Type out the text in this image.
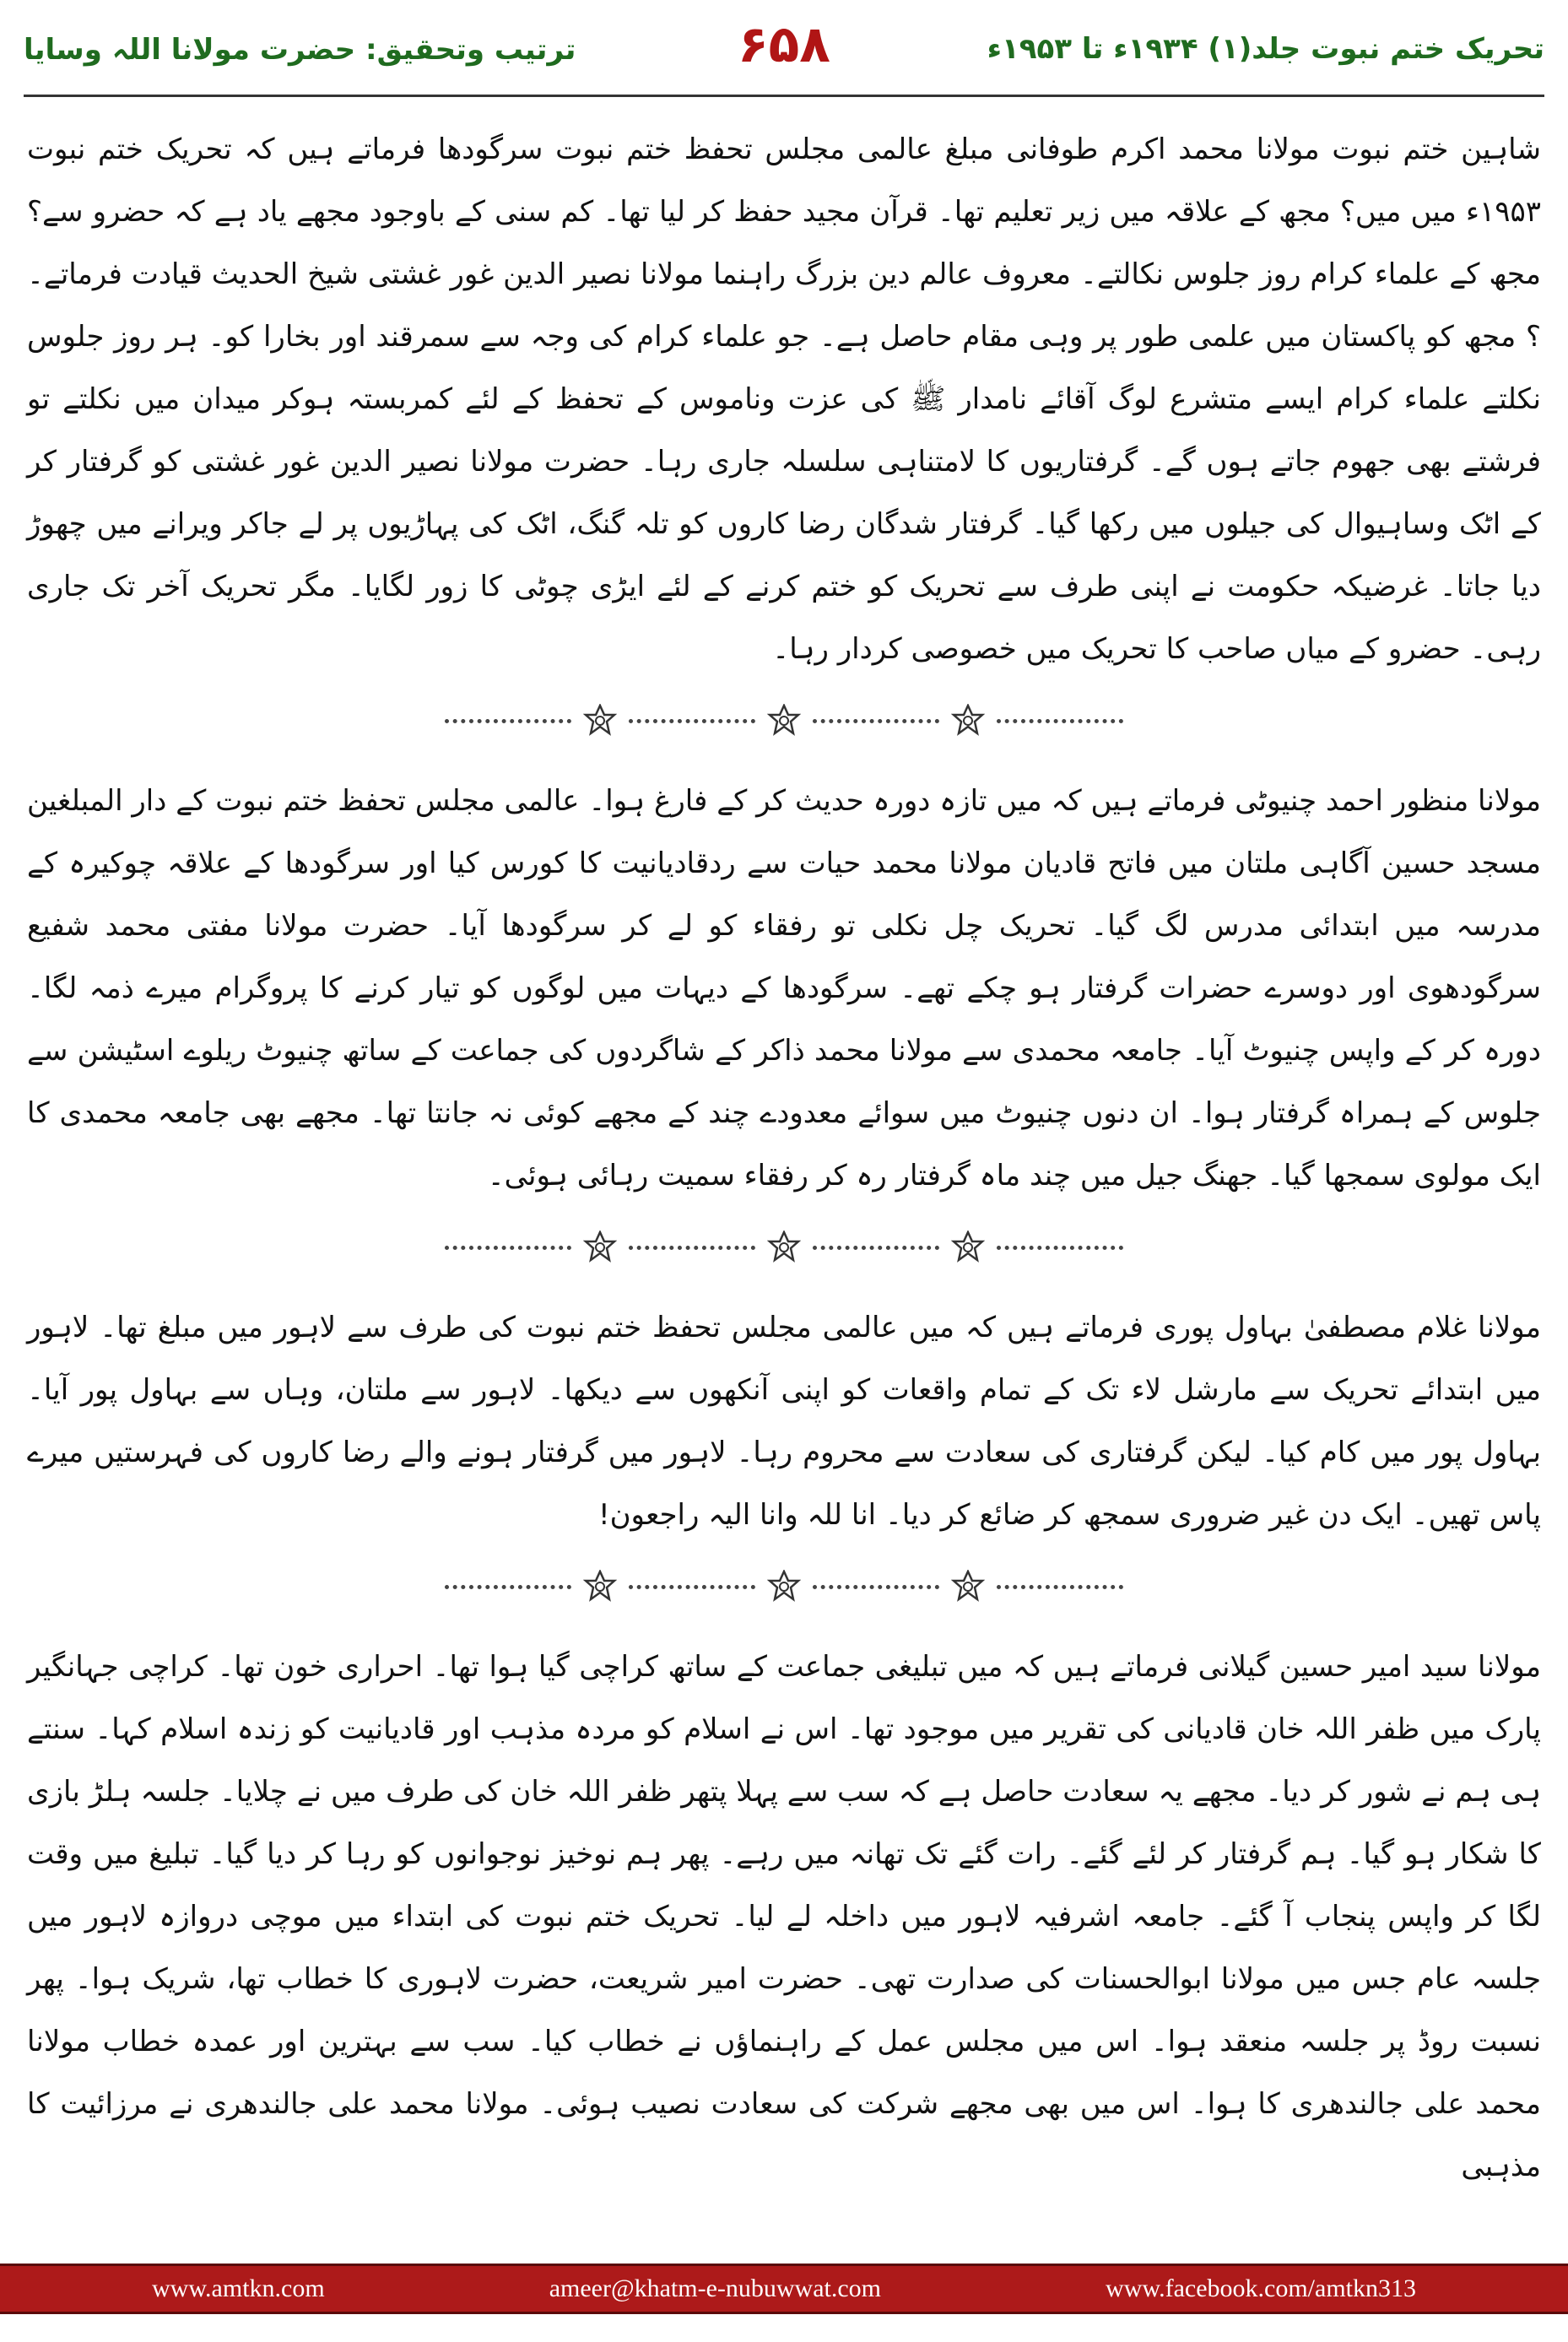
تحریک ختم نبوت جلد(۱) ۱۹۳۴ء تا ۱۹۵۳ء
۶۵۸
ترتیب وتحقیق: حضرت مولانا اللہ وسایا

شاہین ختم نبوت مولانا محمد اکرم طوفانی مبلغ عالمی مجلس تحفظ ختم نبوت سرگودھا فرماتے ہیں کہ تحریک ختم نبوت ۱۹۵۳ء میں میں؟ مجھ کے علاقہ میں زیر تعلیم تھا۔ قرآن مجید حفظ کر لیا تھا۔ کم سنی کے باوجود مجھے یاد ہے کہ حضرو سے؟ مجھ کے علماء کرام روز جلوس نکالتے۔ معروف عالم دین بزرگ راہنما مولانا نصیر الدین غور غشتی شیخ الحدیث قیادت فرماتے۔ ؟ مجھ کو پاکستان میں علمی طور پر وہی مقام حاصل ہے۔ جو علماء کرام کی وجہ سے سمرقند اور بخارا کو۔ ہر روز جلوس نکلتے علماء کرام ایسے متشرع لوگ آقائے نامدار ﷺ کی عزت وناموس کے تحفظ کے لئے کمربستہ ہوکر میدان میں نکلتے تو فرشتے بھی جھوم جاتے ہوں گے۔ گرفتاریوں کا لامتناہی سلسلہ جاری رہا۔ حضرت مولانا نصیر الدین غور غشتی کو گرفتار کر کے اٹک وساہیوال کی جیلوں میں رکھا گیا۔ گرفتار شدگان رضا کاروں کو تلہ گنگ، اٹک کی پہاڑیوں پر لے جاکر ویرانے میں چھوڑ دیا جاتا۔ غرضیکہ حکومت نے اپنی طرف سے تحریک کو ختم کرنے کے لئے ایڑی چوٹی کا زور لگایا۔ مگر تحریک آخر تک جاری رہی۔ حضرو کے میاں صاحب کا تحریک میں خصوصی کردار رہا۔

مولانا منظور احمد چنیوٹی فرماتے ہیں کہ میں تازہ دورہ حدیث کر کے فارغ ہوا۔ عالمی مجلس تحفظ ختم نبوت کے دار المبلغین مسجد حسین آگاہی ملتان میں فاتح قادیان مولانا محمد حیات سے ردقادیانیت کا کورس کیا اور سرگودھا کے علاقہ چوکیرہ کے مدرسہ میں ابتدائی مدرس لگ گیا۔ تحریک چل نکلی تو رفقاء کو لے کر سرگودھا آیا۔ حضرت مولانا مفتی محمد شفیع سرگودھوی اور دوسرے حضرات گرفتار ہو چکے تھے۔ سرگودھا کے دیہات میں لوگوں کو تیار کرنے کا پروگرام میرے ذمہ لگا۔ دورہ کر کے واپس چنیوٹ آیا۔ جامعہ محمدی سے مولانا محمد ذاکر کے شاگردوں کی جماعت کے ساتھ چنیوٹ ریلوے اسٹیشن سے جلوس کے ہمراہ گرفتار ہوا۔ ان دنوں چنیوٹ میں سوائے معدودے چند کے مجھے کوئی نہ جانتا تھا۔ مجھے بھی جامعہ محمدی کا ایک مولوی سمجھا گیا۔ جھنگ جیل میں چند ماہ گرفتار رہ کر رفقاء سمیت رہائی ہوئی۔

مولانا غلام مصطفیٰ بہاول پوری فرماتے ہیں کہ میں عالمی مجلس تحفظ ختم نبوت کی طرف سے لاہور میں مبلغ تھا۔ لاہور میں ابتدائے تحریک سے مارشل لاء تک کے تمام واقعات کو اپنی آنکھوں سے دیکھا۔ لاہور سے ملتان، وہاں سے بہاول پور آیا۔ بہاول پور میں کام کیا۔ لیکن گرفتاری کی سعادت سے محروم رہا۔ لاہور میں گرفتار ہونے والے رضا کاروں کی فہرستیں میرے پاس تھیں۔ ایک دن غیر ضروری سمجھ کر ضائع کر دیا۔ انا للہ وانا الیہ راجعون!

مولانا سید امیر حسین گیلانی فرماتے ہیں کہ میں تبلیغی جماعت کے ساتھ کراچی گیا ہوا تھا۔ احراری خون تھا۔ کراچی جہانگیر پارک میں ظفر اللہ خان قادیانی کی تقریر میں موجود تھا۔ اس نے اسلام کو مردہ مذہب اور قادیانیت کو زندہ اسلام کہا۔ سنتے ہی ہم نے شور کر دیا۔ مجھے یہ سعادت حاصل ہے کہ سب سے پہلا پتھر ظفر اللہ خان کی طرف میں نے چلایا۔ جلسہ ہلڑ بازی کا شکار ہو گیا۔ ہم گرفتار کر لئے گئے۔ رات گئے تک تھانہ میں رہے۔ پھر ہم نوخیز نوجوانوں کو رہا کر دیا گیا۔ تبلیغ میں وقت لگا کر واپس پنجاب آ گئے۔ جامعہ اشرفیہ لاہور میں داخلہ لے لیا۔ تحریک ختم نبوت کی ابتداء میں موچی دروازہ لاہور میں جلسہ عام جس میں مولانا ابوالحسنات کی صدارت تھی۔ حضرت امیر شریعت، حضرت لاہوری کا خطاب تھا، شریک ہوا۔ پھر نسبت روڈ پر جلسہ منعقد ہوا۔ اس میں مجلس عمل کے راہنماؤں نے خطاب کیا۔ سب سے بہترین اور عمدہ خطاب مولانا محمد علی جالندھری کا ہوا۔ اس میں بھی مجھے شرکت کی سعادت نصیب ہوئی۔ مولانا محمد علی جالندھری نے مرزائیت کا مذہبی

www.amtkn.com	ameer@khatm-e-nubuwwat.com	www.facebook.com/amtkn313
